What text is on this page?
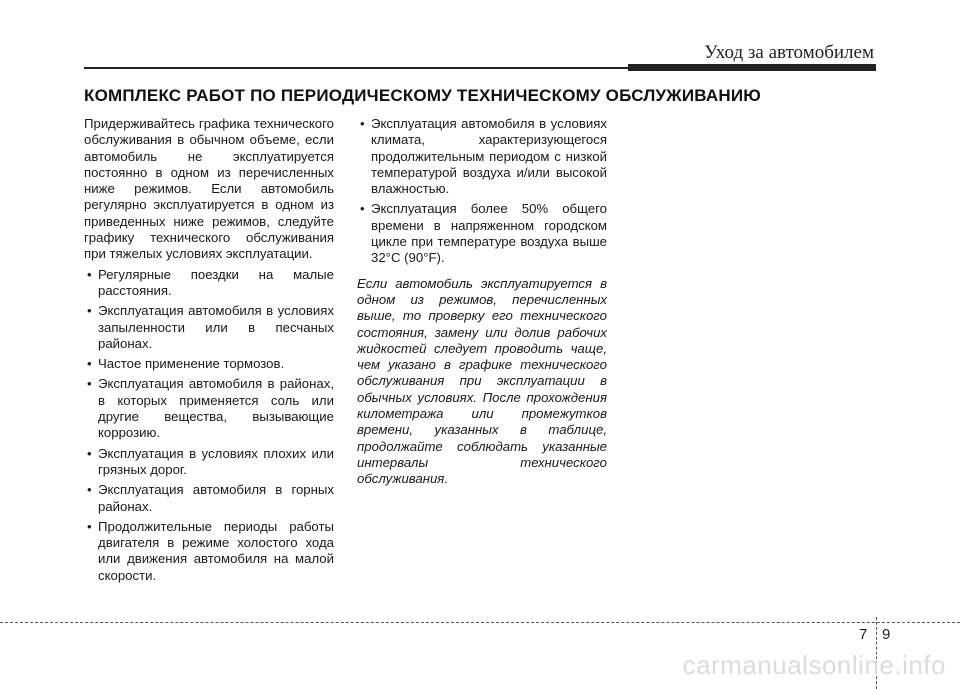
Уход за автомобилем
КОМПЛЕКС РАБОТ ПО ПЕРИОДИЧЕСКОМУ ТЕХНИЧЕСКОМУ ОБСЛУЖИВАНИЮ

Придерживайтесь графика технического обслуживания в обычном объеме, если автомобиль не эксплуатируется постоянно в одном из перечисленных ниже режимов. Если автомобиль регулярно эксплуатируется в одном из приведенных ниже режимов, следуйте графику технического обслуживания при тяжелых условиях эксплуатации.

• Регулярные поездки на малые расстояния.
• Эксплуатация автомобиля в условиях запыленности или в песчаных районах.
• Частое применение тормозов.
• Эксплуатация автомобиля в районах, в которых применяется соль или другие вещества, вызывающие коррозию.
• Эксплуатация в условиях плохих или грязных дорог.
• Эксплуатация автомобиля в горных районах.
• Продолжительные периоды работы двигателя в режиме холостого хода или движения автомобиля на малой скорости.
• Эксплуатация автомобиля в условиях климата, характеризующегося продолжительным периодом с низкой температурой воздуха и/или высокой влажностью.
• Эксплуатация более 50% общего времени в напряженном городском цикле при температуре воздуха выше 32°C (90°F).

Если автомобиль эксплуатируется в одном из режимов, перечисленных выше, то проверку его технического состояния, замену или долив рабочих жидкостей следует проводить чаще, чем указано в графике технического обслуживания при эксплуатации в обычных условиях. После прохождения километража или промежутков времени, указанных в таблице, продолжайте соблюдать указанные интервалы технического обслуживания.

7 9
carmanualsonline.info
